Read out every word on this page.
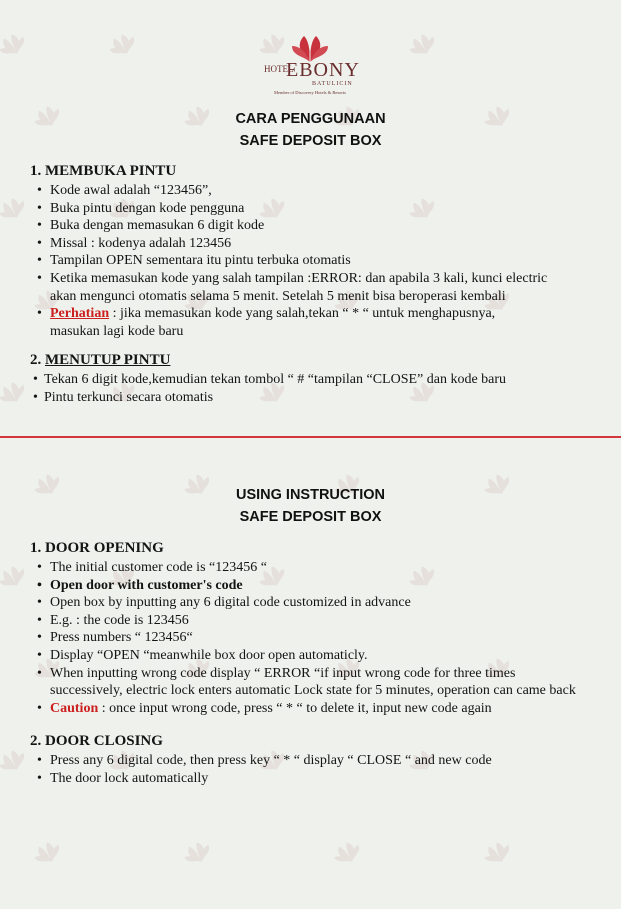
HOTEL
EBONY
BATULICIN
Member of Discovery Hotels & Resorts
CARA PENGGUNAAN
SAFE DEPOSIT BOX

1. MEMBUKA PINTU

• Kode awal adalah “123456”,
• Buka pintu dengan kode pengguna
• Buka dengan memasukan 6 digit kode
• Missal : kodenya adalah 123456
• Tampilan OPEN sementara itu pintu terbuka otomatis
• Ketika memasukan kode yang salah tampilan :ERROR: dan apabila 3 kali, kunci electric
akan mengunci otomatis selama 5 menit. Setelah 5 menit bisa beroperasi kembali
• Perhatian : jika memasukan kode yang salah,tekan “ * “ untuk menghapusnya,
masukan lagi kode baru

2. MENUTUP PINTU

• Tekan 6 digit kode,kemudian tekan tombol “ # “tampilan “CLOSE” dan kode baru
• Pintu terkunci secara otomatis
USING INSTRUCTION
SAFE DEPOSIT BOX

1. DOOR OPENING

• The initial customer code is “123456 “
• Open door with customer's code
• Open box by inputting any 6 digital code customized in advance
• E.g. : the code is 123456
• Press numbers “ 123456“
• Display “OPEN “meanwhile box door open automaticly.
• When inputting wrong code display “ ERROR “if input wrong code for three times
successively, electric lock enters automatic Lock state for 5 minutes, operation can came back
• Caution : once input wrong code, press “ * “ to delete it, input new code again

2. DOOR CLOSING

• Press any 6 digital code, then press key “ * “ display “ CLOSE “ and new code
• The door lock automatically
